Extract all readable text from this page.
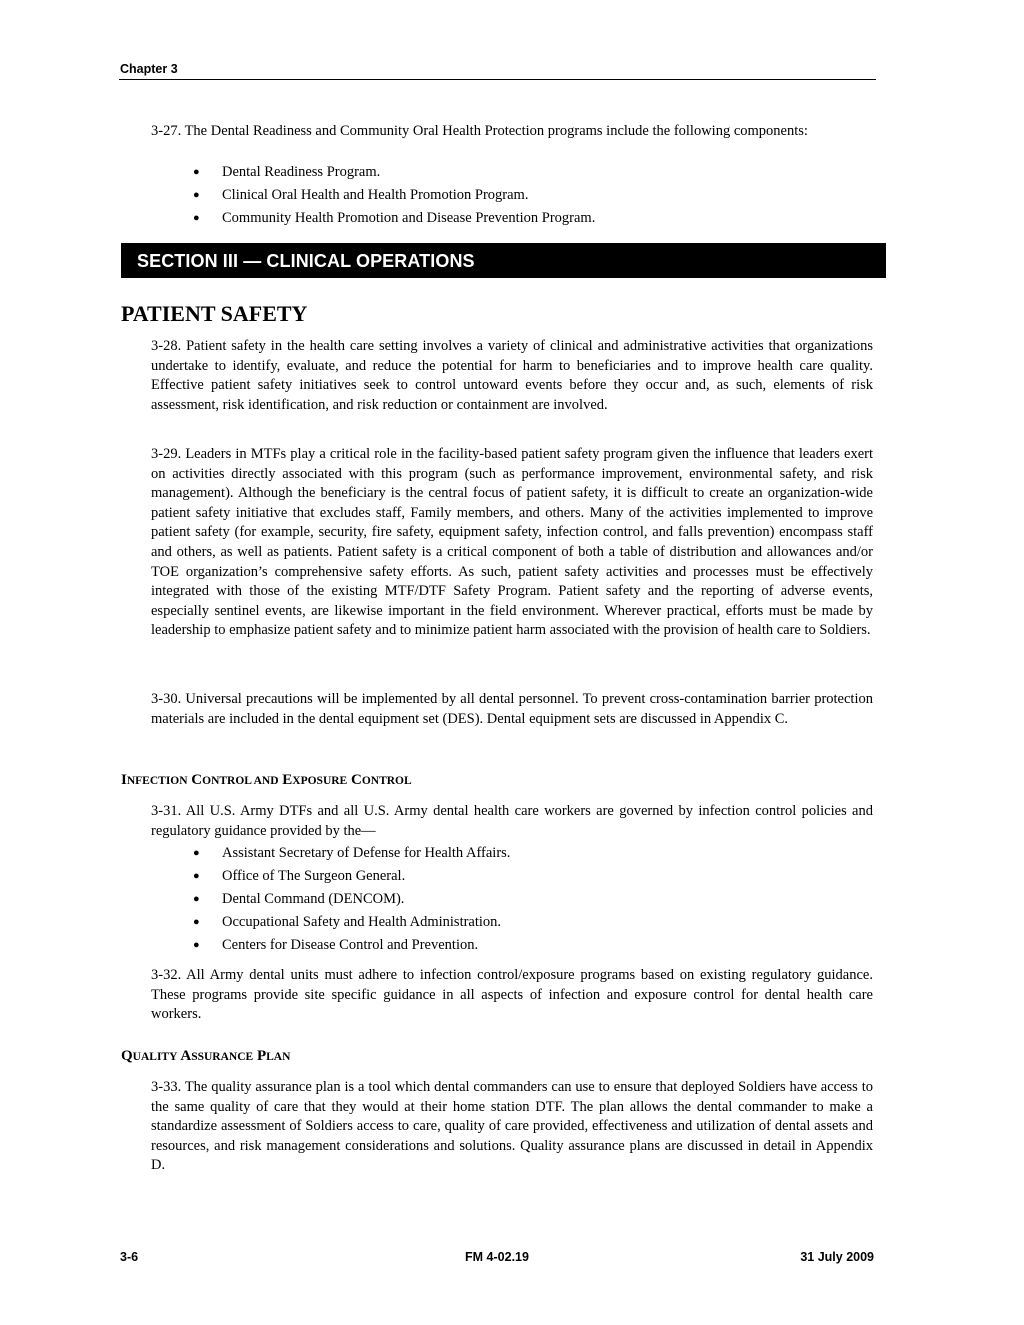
Chapter 3

3-27. The Dental Readiness and Community Oral Health Protection programs include the following components:

● Dental Readiness Program.
● Clinical Oral Health and Health Promotion Program.
● Community Health Promotion and Disease Prevention Program.
SECTION III — CLINICAL OPERATIONS
PATIENT SAFETY

3-28. Patient safety in the health care setting involves a variety of clinical and administrative activities that organizations undertake to identify, evaluate, and reduce the potential for harm to beneficiaries and to improve health care quality. Effective patient safety initiatives seek to control untoward events before they occur and, as such, elements of risk assessment, risk identification, and risk reduction or containment are involved.

3-29. Leaders in MTFs play a critical role in the facility-based patient safety program given the influence that leaders exert on activities directly associated with this program (such as performance improvement, environmental safety, and risk management). Although the beneficiary is the central focus of patient safety, it is difficult to create an organization-wide patient safety initiative that excludes staff, Family members, and others. Many of the activities implemented to improve patient safety (for example, security, fire safety, equipment safety, infection control, and falls prevention) encompass staff and others, as well as patients. Patient safety is a critical component of both a table of distribution and allowances and/or TOE organization’s comprehensive safety efforts. As such, patient safety activities and processes must be effectively integrated with those of the existing MTF/DTF Safety Program. Patient safety and the reporting of adverse events, especially sentinel events, are likewise important in the field environment. Wherever practical, efforts must be made by leadership to emphasize patient safety and to minimize patient harm associated with the provision of health care to Soldiers.

3-30. Universal precautions will be implemented by all dental personnel. To prevent cross-contamination barrier protection materials are included in the dental equipment set (DES). Dental equipment sets are discussed in Appendix C.

INFECTION CONTROL AND EXPOSURE CONTROL

3-31. All U.S. Army DTFs and all U.S. Army dental health care workers are governed by infection control policies and regulatory guidance provided by the—

● Assistant Secretary of Defense for Health Affairs.
● Office of The Surgeon General.
● Dental Command (DENCOM).
● Occupational Safety and Health Administration.
● Centers for Disease Control and Prevention.

3-32. All Army dental units must adhere to infection control/exposure programs based on existing regulatory guidance. These programs provide site specific guidance in all aspects of infection and exposure control for dental health care workers.

QUALITY ASSURANCE PLAN

3-33. The quality assurance plan is a tool which dental commanders can use to ensure that deployed Soldiers have access to the same quality of care that they would at their home station DTF. The plan allows the dental commander to make a standardize assessment of Soldiers access to care, quality of care provided, effectiveness and utilization of dental assets and resources, and risk management considerations and solutions. Quality assurance plans are discussed in detail in Appendix D.

3-6	FM 4-02.19	31 July 2009
